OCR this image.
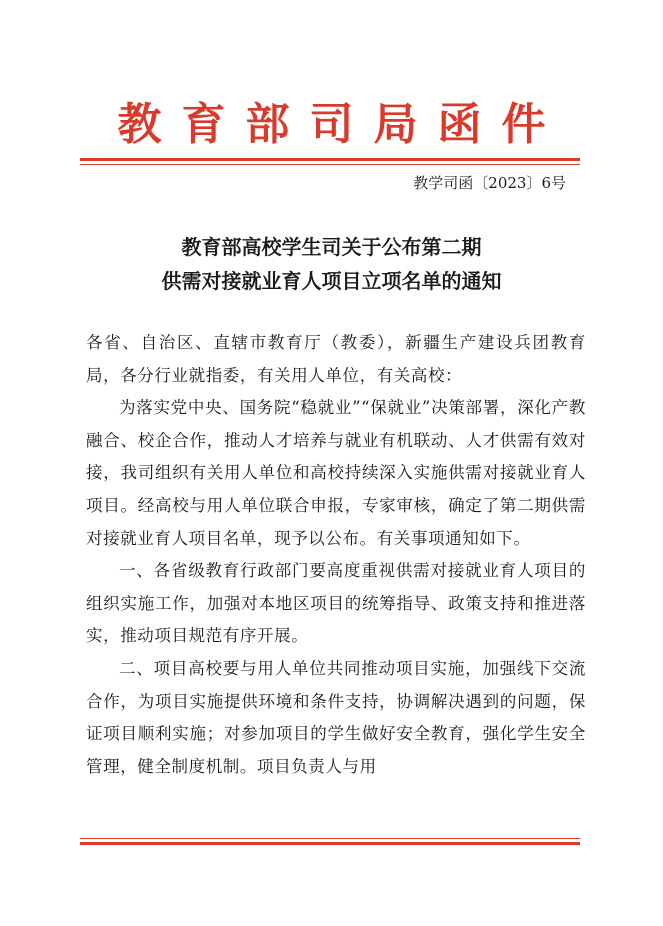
教育部司局函件
教学司函〔2023〕6号
教育部高校学生司关于公布第二期
供需对接就业育人项目立项名单的通知

各省、自治区、直辖市教育厅（教委），新疆生产建设兵团教育局，各分行业就指委，有关用人单位，有关高校：

为落实党中央、国务院“稳就业”“保就业”决策部署，深化产教融合、校企合作，推动人才培养与就业有机联动、人才供需有效对接，我司组织有关用人单位和高校持续深入实施供需对接就业育人项目。经高校与用人单位联合申报，专家审核，确定了第二期供需对接就业育人项目名单，现予以公布。有关事项通知如下。

一、各省级教育行政部门要高度重视供需对接就业育人项目的组织实施工作，加强对本地区项目的统筹指导、政策支持和推进落实，推动项目规范有序开展。

二、项目高校要与用人单位共同推动项目实施，加强线下交流合作，为项目实施提供环境和条件支持，协调解决遇到的问题，保证项目顺利实施；对参加项目的学生做好安全教育，强化学生安全管理，健全制度机制。项目负责人与用
